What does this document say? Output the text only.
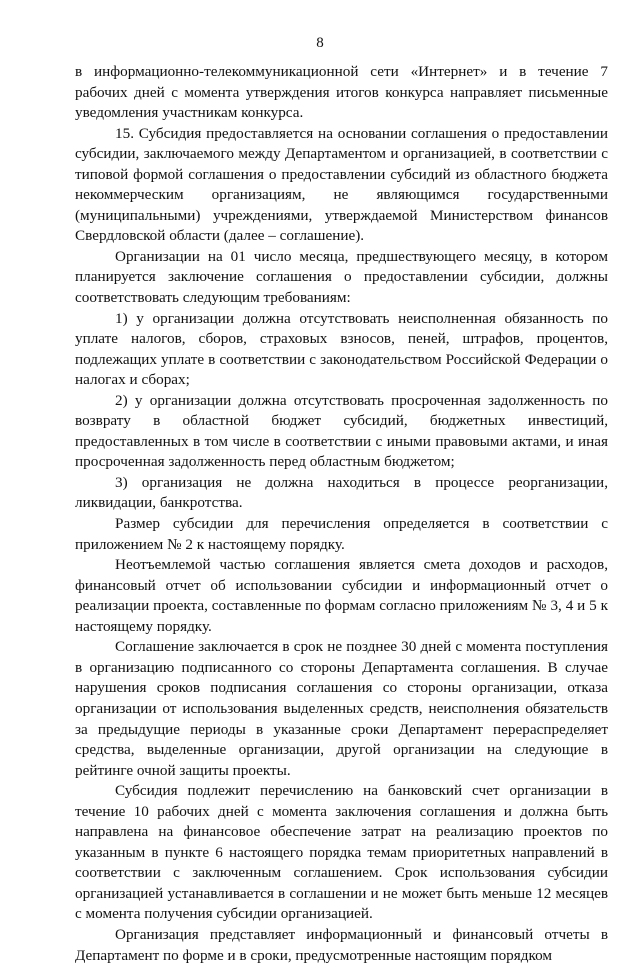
8

в информационно-телекоммуникационной сети «Интернет» и в течение 7 рабочих дней с момента утверждения итогов конкурса направляет письменные уведомления участникам конкурса.

15. Субсидия предоставляется на основании соглашения о предоставлении субсидии, заключаемого между Департаментом и организацией, в соответствии с типовой формой соглашения о предоставлении субсидий из областного бюджета некоммерческим организациям, не являющимся государственными (муниципальными) учреждениями, утверждаемой Министерством финансов Свердловской области (далее – соглашение).

Организации на 01 число месяца, предшествующего месяцу, в котором планируется заключение соглашения о предоставлении субсидии, должны соответствовать следующим требованиям:

1) у организации должна отсутствовать неисполненная обязанность по уплате налогов, сборов, страховых взносов, пеней, штрафов, процентов, подлежащих уплате в соответствии с законодательством Российской Федерации о налогах и сборах;

2) у организации должна отсутствовать просроченная задолженность по возврату в областной бюджет субсидий, бюджетных инвестиций, предоставленных в том числе в соответствии с иными правовыми актами, и иная просроченная задолженность перед областным бюджетом;

3) организация не должна находиться в процессе реорганизации, ликвидации, банкротства.

Размер субсидии для перечисления определяется в соответствии с приложением № 2 к настоящему порядку.

Неотъемлемой частью соглашения является смета доходов и расходов, финансовый отчет об использовании субсидии и информационный отчет о реализации проекта, составленные по формам согласно приложениям № 3, 4 и 5 к настоящему порядку.

Соглашение заключается в срок не позднее 30 дней с момента поступления в организацию подписанного со стороны Департамента соглашения. В случае нарушения сроков подписания соглашения со стороны организации, отказа организации от использования выделенных средств, неисполнения обязательств за предыдущие периоды в указанные сроки Департамент перераспределяет средства, выделенные организации, другой организации на следующие в рейтинге очной защиты проекты.

Субсидия подлежит перечислению на банковский счет организации в течение 10 рабочих дней с момента заключения соглашения и должна быть направлена на финансовое обеспечение затрат на реализацию проектов по указанным в пункте 6 настоящего порядка темам приоритетных направлений в соответствии с заключенным соглашением. Срок использования субсидии организацией устанавливается в соглашении и не может быть меньше 12 месяцев с момента получения субсидии организацией.

Организация представляет информационный и финансовый отчеты в Департамент по форме и в сроки, предусмотренные настоящим порядком
